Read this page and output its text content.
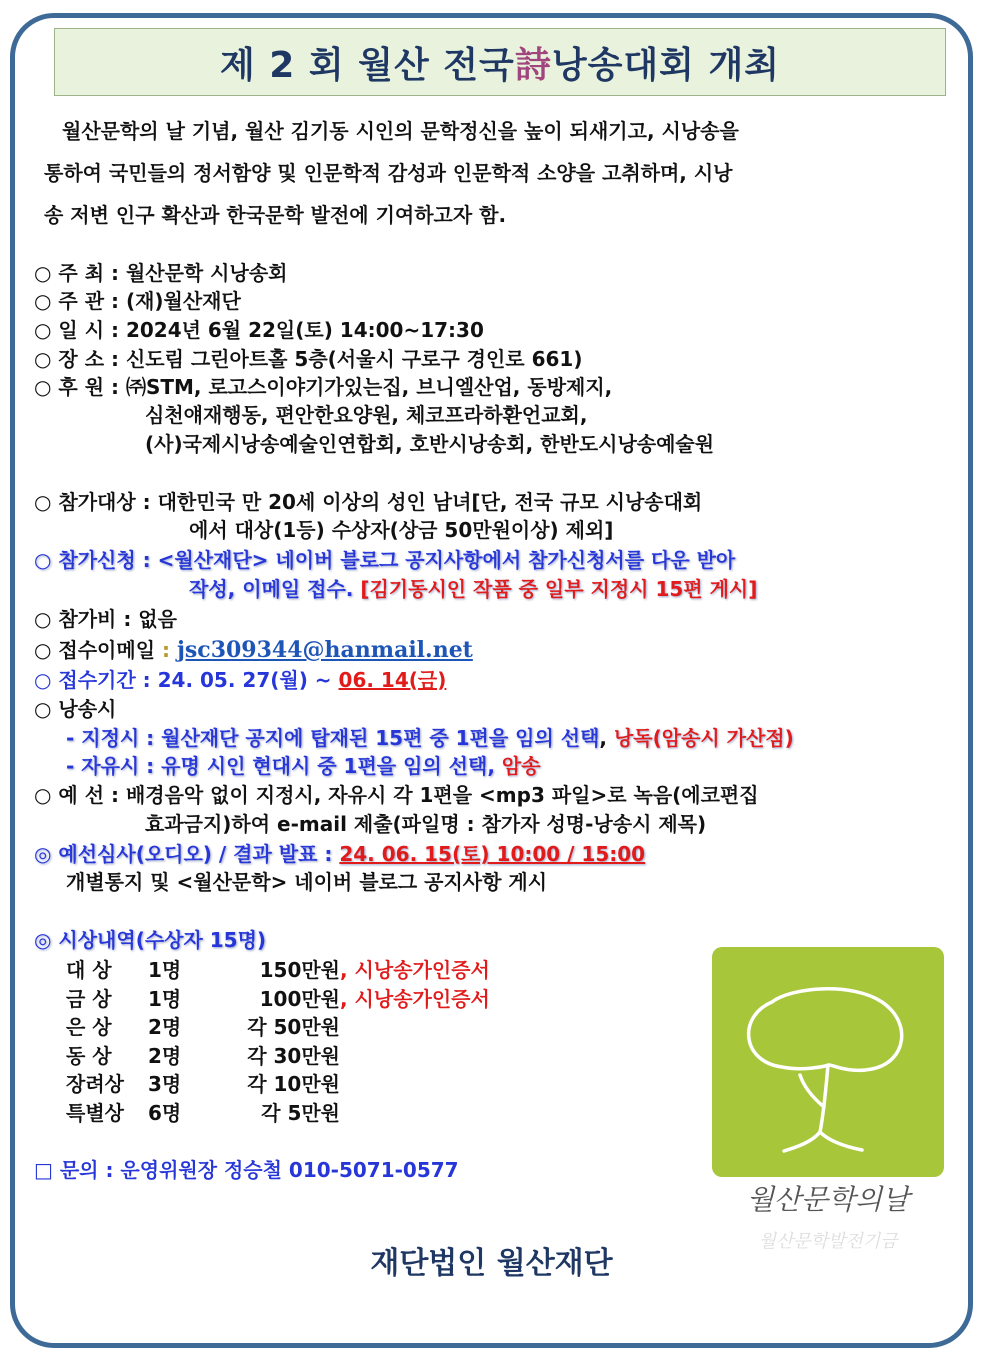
제 2 회 월산 전국詩낭송대회 개최
월산문학의 날 기념, 월산 김기동 시인의 문학정신을 높이 되새기고, 시낭송을
통하여 국민들의 정서함양 및 인문학적 감성과 인문학적 소양을 고취하며, 시낭
송 저변 인구 확산과 한국문학 발전에 기여하고자 함.
○ 주 최 : 월산문학 시낭송회
○ 주 관 : (재)월산재단
○ 일 시 : 2024년 6월 22일(토) 14:00~17:30
○ 장 소 : 신도림 그린아트홀 5층(서울시 구로구 경인로 661)
○ 후 원 : ㈜STM, 로고스이야기가있는집, 브니엘산업, 동방제지,
심천얘재행동, 편안한요양원, 체코프라하환언교회,
(사)국제시낭송예술인연합회, 호반시낭송회, 한반도시낭송예술원
○ 참가대상 : 대한민국 만 20세 이상의 성인 남녀[단, 전국 규모 시낭송대회
에서 대상(1등) 수상자(상금 50만원이상) 제외]
○ 참가신청 : <월산재단> 네이버 블로그 공지사항에서 참가신청서를 다운 받아
작성, 이메일 접수. [김기동시인 작품 중 일부 지정시 15편 게시]
○ 참가비 : 없음
○ 접수이메일 : jsc309344@hanmail.net
○ 접수기간 : 24. 05. 27(월) ~ 06. 14(금)
○ 낭송시
- 지정시 : 월산재단 공지에 탑재된 15편 중 1편을 임의 선택, 낭독(암송시 가산점)
- 자유시 : 유명 시인 현대시 중 1편을 임의 선택, 암송
○ 예 선 : 배경음악 없이 지정시, 자유시 각 1편을 <mp3 파일>로 녹음(에코편집
효과금지)하여 e-mail 제출(파일명 : 참가자 성명-낭송시 제목)
◎ 예선심사(오디오) / 결과 발표 : 24. 06. 15(토) 10:00 / 15:00
개별통지 및 <월산문학> 네이버 블로그 공지사항 게시
◎ 시상내역(수상자 15명)
대 상 1명	150만원, 시낭송가인증서
금 상 1명	100만원, 시낭송가인증서
은 상 2명	각 50만원
동 상 2명	각 30만원
장려상 3명	각 10만원
특별상 6명	각 5만원
□ 문의 : 운영위원장 정승철 010-5071-0577
월산문학의날
월산문학발전기금
재단법인 월산재단
